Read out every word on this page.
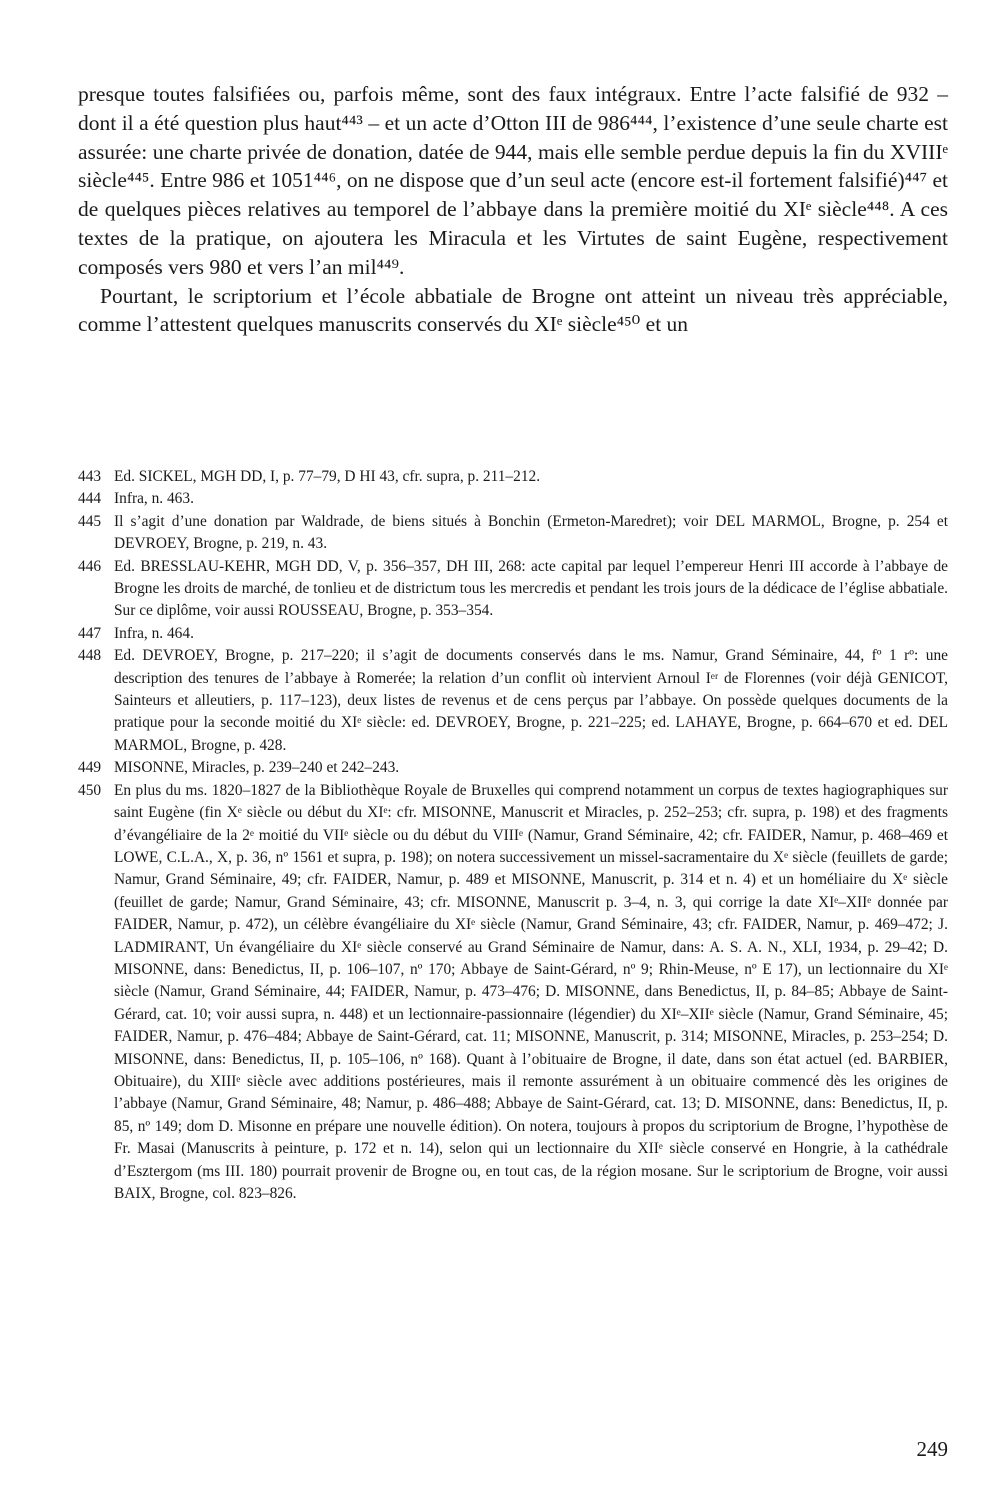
presque toutes falsifiées ou, parfois même, sont des faux intégraux. Entre l’acte falsifié de 932 – dont il a été question plus haut⁴⁴³ – et un acte d’Otton III de 986⁴⁴⁴, l’existence d’une seule charte est assurée: une charte privée de donation, datée de 944, mais elle semble perdue depuis la fin du XVIIIᵉ siècle⁴⁴⁵. Entre 986 et 1051⁴⁴⁶, on ne dispose que d’un seul acte (encore est-il fortement falsifié)⁴⁴⁷ et de quelques pièces relatives au temporel de l’abbaye dans la première moitié du XIᵉ siècle⁴⁴⁸. A ces textes de la pratique, on ajoutera les Miracula et les Virtutes de saint Eugène, respectivement composés vers 980 et vers l’an mil⁴⁴⁹.

Pourtant, le scriptorium et l’école abbatiale de Brogne ont atteint un niveau très appréciable, comme l’attestent quelques manuscrits conservés du XIᵉ siècle⁴⁵⁰ et un

443 Ed. SICKEL, MGH DD, I, p. 77–79, D HI 43, cfr. supra, p. 211–212.
444 Infra, n. 463.
445 Il s’agit d’une donation par Waldrade, de biens situés à Bonchin (Ermeton-Maredret); voir DEL MARMOL, Brogne, p. 254 et DEVROEY, Brogne, p. 219, n. 43.
446 Ed. BRESSLAU-KEHR, MGH DD, V, p. 356–357, DH III, 268: acte capital par lequel l’empereur Henri III accorde à l’abbaye de Brogne les droits de marché, de tonlieu et de districtum tous les mercredis et pendant les trois jours de la dédicace de l’église abbatiale. Sur ce diplôme, voir aussi ROUSSEAU, Brogne, p. 353–354.
447 Infra, n. 464.
448 Ed. DEVROEY, Brogne, p. 217–220; il s’agit de documents conservés dans le ms. Namur, Grand Séminaire, 44, fº 1 rº: une description des tenures de l’abbaye à Romerée; la relation d’un conflit où intervient Arnoul Iᵉʳ de Florennes (voir déjà GENICOT, Sainteurs et alleutiers, p. 117–123), deux listes de revenus et de cens perçus par l’abbaye. On possède quelques documents de la pratique pour la seconde moitié du XIᵉ siècle: ed. DEVROEY, Brogne, p. 221–225; ed. LAHAYE, Brogne, p. 664–670 et ed. DEL MARMOL, Brogne, p. 428.
449 MISONNE, Miracles, p. 239–240 et 242–243.
450 En plus du ms. 1820–1827 de la Bibliothèque Royale de Bruxelles qui comprend notamment un corpus de textes hagiographiques sur saint Eugène (fin Xᵉ siècle ou début du XIᵉ: cfr. MISONNE, Manuscrit et Miracles, p. 252–253; cfr. supra, p. 198) et des fragments d’évangéliaire de la 2ᵉ moitié du VIIᵉ siècle ou du début du VIIIᵉ (Namur, Grand Séminaire, 42; cfr. FAIDER, Namur, p. 468–469 et LOWE, C.L.A., X, p. 36, nº 1561 et supra, p. 198); on notera successivement un missel-sacramentaire du Xᵉ siècle (feuillets de garde; Namur, Grand Séminaire, 49; cfr. FAIDER, Namur, p. 489 et MISONNE, Manuscrit, p. 314 et n. 4) et un homéliaire du Xᵉ siècle (feuillet de garde; Namur, Grand Séminaire, 43; cfr. MISONNE, Manuscrit p. 3–4, n. 3, qui corrige la date XIᵉ–XIIᵉ donnée par FAIDER, Namur, p. 472), un célèbre évangéliaire du XIᵉ siècle (Namur, Grand Séminaire, 43; cfr. FAIDER, Namur, p. 469–472; J. LADMIRANT, Un évangéliaire du XIᵉ siècle conservé au Grand Séminaire de Namur, dans: A. S. A. N., XLI, 1934, p. 29–42; D. MISONNE, dans: Benedictus, II, p. 106–107, nº 170; Abbaye de Saint-Gérard, nº 9; Rhin-Meuse, nº E 17), un lectionnaire du XIᵉ siècle (Namur, Grand Séminaire, 44; FAIDER, Namur, p. 473–476; D. MISONNE, dans Benedictus, II, p. 84–85; Abbaye de Saint-Gérard, cat. 10; voir aussi supra, n. 448) et un lectionnaire-passionnaire (légendier) du XIᵉ–XIIᵉ siècle (Namur, Grand Séminaire, 45; FAIDER, Namur, p. 476–484; Abbaye de Saint-Gérard, cat. 11; MISONNE, Manuscrit, p. 314; MISONNE, Miracles, p. 253–254; D. MISONNE, dans: Benedictus, II, p. 105–106, nº 168). Quant à l’obituaire de Brogne, il date, dans son état actuel (ed. BARBIER, Obituaire), du XIIIᵉ siècle avec additions postérieures, mais il remonte assurément à un obituaire commencé dès les origines de l’abbaye (Namur, Grand Séminaire, 48; Namur, p. 486–488; Abbaye de Saint-Gérard, cat. 13; D. MISONNE, dans: Benedictus, II, p. 85, nº 149; dom D. Misonne en prépare une nouvelle édition). On notera, toujours à propos du scriptorium de Brogne, l’hypothèse de Fr. Masai (Manuscrits à peinture, p. 172 et n. 14), selon qui un lectionnaire du XIIᵉ siècle conservé en Hongrie, à la cathédrale d’Esztergom (ms III. 180) pourrait provenir de Brogne ou, en tout cas, de la région mosane. Sur le scriptorium de Brogne, voir aussi BAIX, Brogne, col. 823–826.
249
